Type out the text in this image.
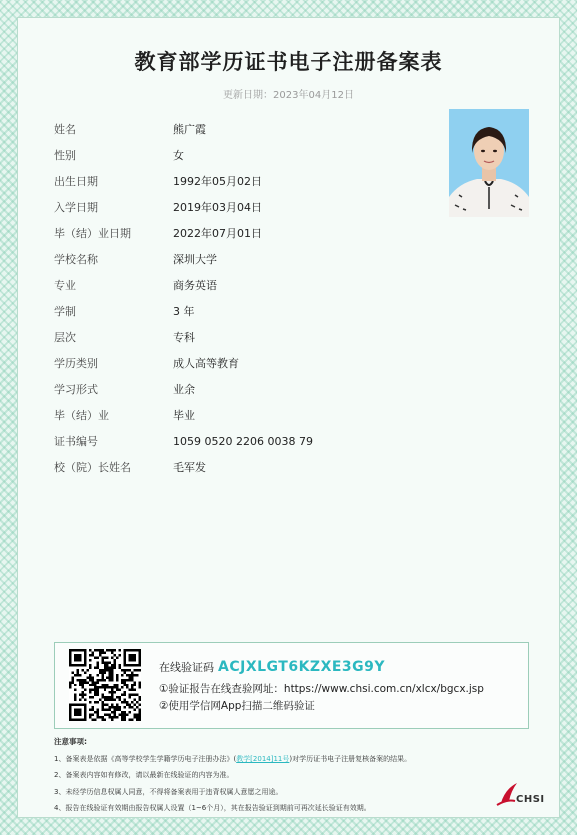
教育部学历证书电子注册备案表
更新日期：2023年04月12日
姓名	熊广霞
性别	女
出生日期	1992年05月02日
入学日期	2019年03月04日
毕（结）业日期	2022年07月01日
学校名称	深圳大学
专业	商务英语
学制	3 年
层次	专科
学历类别	成人高等教育
学习形式	业余
毕（结）业	毕业
证书编号	1059 0520 2206 0038 79
校（院）长姓名	毛军发
在线验证码 ACJXLGT6KZXE3G9Y
①验证报告在线查验网址：https://www.chsi.com.cn/xlcx/bgcx.jsp
②使用学信网App扫描二维码验证
注意事项:
1、备案表是依据《高等学校学生学籍学历电子注册办法》(教学[2014]11号)对学历证书电子注册复核备案的结果。
2、备案表内容如有修改，请以最新在线验证的内容为准。
3、未经学历信息权属人同意，不得将备案表用于违背权属人意愿之用途。
4、报告在线验证有效期由报告权属人设置（1~6个月），其在报告验证到期前可再次延长验证有效期。
CHSI
